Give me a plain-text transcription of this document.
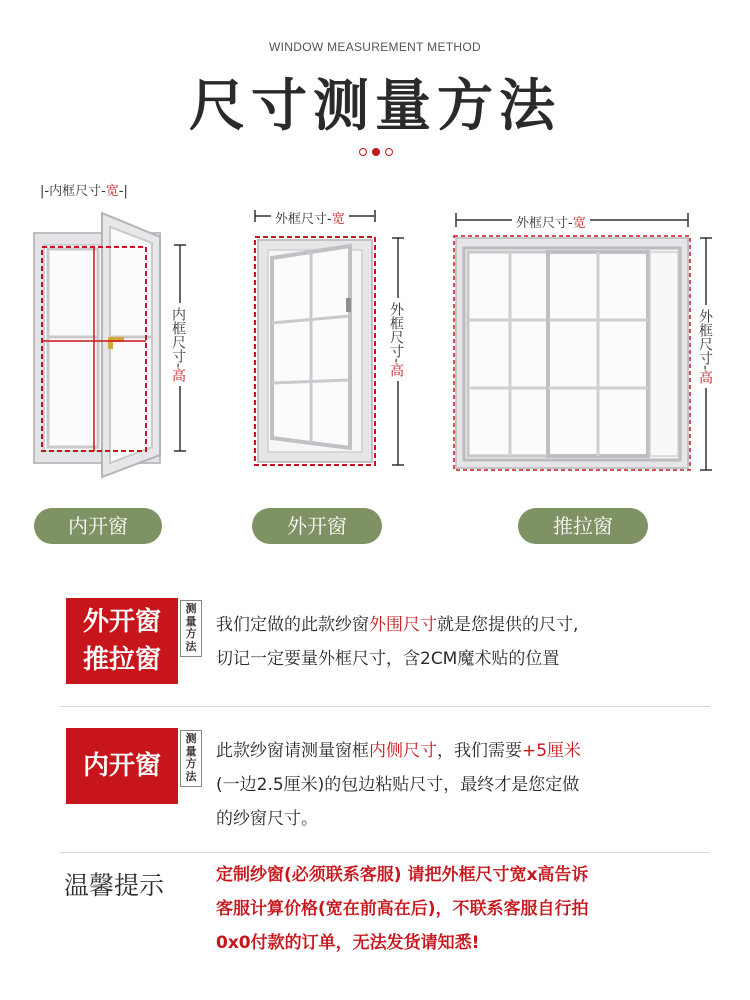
WINDOW MEASUREMENT METHOD
尺寸测量方法
|-内框尺寸-宽-|
内框尺寸-高
内开窗
外框尺寸-宽
外框尺寸-高
外开窗
外框尺寸-宽
外框尺寸-高
推拉窗
外开窗
推拉窗
测
量
方
法
我们定做的此款纱窗外围尺寸就是您提供的尺寸,
切记一定要量外框尺寸，含2CM魔术贴的位置
内开窗
测
量
方
法
此款纱窗请测量窗框内侧尺寸，我们需要+5厘米
(一边2.5厘米)的包边粘贴尺寸，最终才是您定做
的纱窗尺寸。
温馨提示	定制纱窗(必须联系客服) 请把外框尺寸宽x高告诉
客服计算价格(宽在前高在后)，不联系客服自行拍
0x0付款的订单，无法发货请知悉!
